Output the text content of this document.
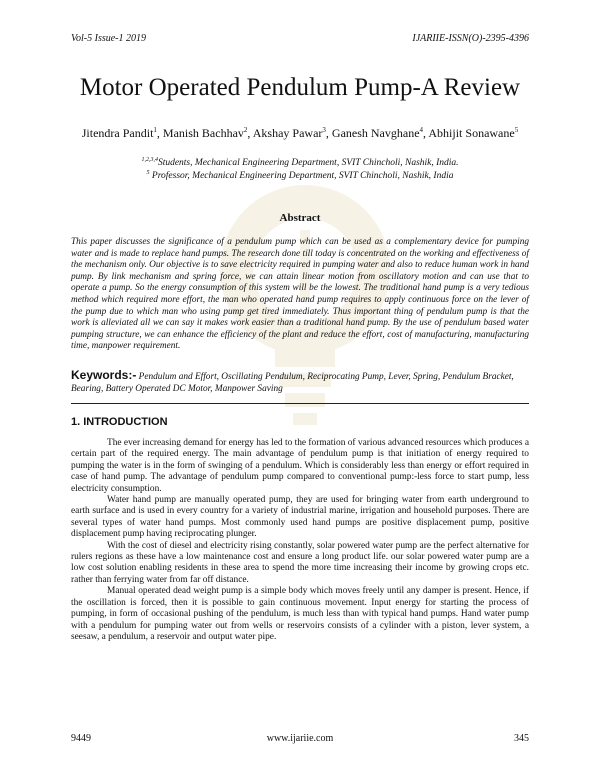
Vol-5 Issue-1 2019	IJARIIE-ISSN(O)-2395-4396
Motor Operated Pendulum Pump-A Review
Jitendra Pandit$^1$, Manish Bachhav$^2$, Akshay Pawar$^3$, Ganesh Navghane$^4$, Abhijit Sonawane$^5$
$^{1,2,3,4}$Students, Mechanical Engineering Department, SVIT Chincholi, Nashik, India.
$^5$ Professor, Mechanical Engineering Department, SVIT Chincholi, Nashik, India
Abstract

This paper discusses the significance of a pendulum pump which can be used as a complementary device for pumping water and is made to replace hand pumps. The research done till today is concentrated on the working and effectiveness of the mechanism only. Our objective is to save electricity required in pumping water and also to reduce human work in hand pump. By link mechanism and spring force, we can attain linear motion from oscillatory motion and can use that to operate a pump. So the energy consumption of this system will be the lowest. The traditional hand pump is a very tedious method which required more effort, the man who operated hand pump requires to apply continuous force on the lever of the pump due to which man who using pump get tired immediately. Thus important thing of pendulum pump is that the work is alleviated all we can say it makes work easier than a traditional hand pump. By the use of pendulum based water pumping structure, we can enhance the efficiency of the plant and reduce the effort, cost of manufacturing, manufacturing time, manpower requirement.

Keywords:- Pendulum and Effort, Oscillating Pendulum, Reciprocating Pump, Lever, Spring, Pendulum Bracket, Bearing, Battery Operated DC Motor, Manpower Saving

1. INTRODUCTION

The ever increasing demand for energy has led to the formation of various advanced resources which produces a certain part of the required energy. The main advantage of pendulum pump is that initiation of energy required to pumping the water is in the form of swinging of a pendulum. Which is considerably less than energy or effort required in case of hand pump. The advantage of pendulum pump compared to conventional pump:-less force to start pump, less electricity consumption.

Water hand pump are manually operated pump, they are used for bringing water from earth underground to earth surface and is used in every country for a variety of industrial marine, irrigation and household purposes. There are several types of water hand pumps. Most commonly used hand pumps are positive displacement pump, positive displacement pump having reciprocating plunger.

With the cost of diesel and electricity rising constantly, solar powered water pump are the perfect alternative for rulers regions as these have a low maintenance cost and ensure a long product life. our solar powered water pump are a low cost solution enabling residents in these area to spend the more time increasing their income by growing crops etc. rather than ferrying water from far off distance.

Manual operated dead weight pump is a simple body which moves freely until any damper is present. Hence, if the oscillation is forced, then it is possible to gain continuous movement. Input energy for starting the process of pumping, in form of occasional pushing of the pendulum, is much less than with typical hand pumps. Hand water pump with a pendulum for pumping water out from wells or reservoirs consists of a cylinder with a piston, lever system, a seesaw, a pendulum, a reservoir and output water pipe.

9449	www.ijariie.com	345
